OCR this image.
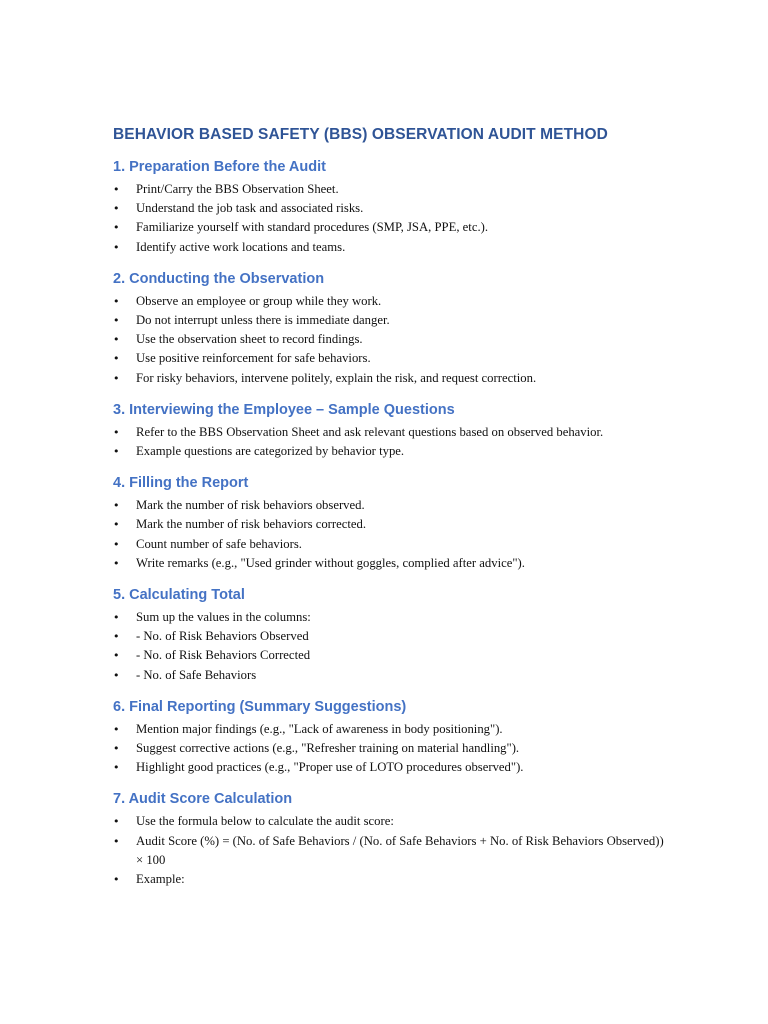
BEHAVIOR BASED SAFETY (BBS) OBSERVATION AUDIT METHOD
1. Preparation Before the Audit
• Print/Carry the BBS Observation Sheet.
• Understand the job task and associated risks.
• Familiarize yourself with standard procedures (SMP, JSA, PPE, etc.).
• Identify active work locations and teams.
2. Conducting the Observation
• Observe an employee or group while they work.
• Do not interrupt unless there is immediate danger.
• Use the observation sheet to record findings.
• Use positive reinforcement for safe behaviors.
• For risky behaviors, intervene politely, explain the risk, and request correction.
3. Interviewing the Employee – Sample Questions
• Refer to the BBS Observation Sheet and ask relevant questions based on observed behavior.
• Example questions are categorized by behavior type.
4. Filling the Report
• Mark the number of risk behaviors observed.
• Mark the number of risk behaviors corrected.
• Count number of safe behaviors.
• Write remarks (e.g., "Used grinder without goggles, complied after advice").
5. Calculating Total
• Sum up the values in the columns:
• - No. of Risk Behaviors Observed
• - No. of Risk Behaviors Corrected
• - No. of Safe Behaviors
6. Final Reporting (Summary Suggestions)
• Mention major findings (e.g., "Lack of awareness in body positioning").
• Suggest corrective actions (e.g., "Refresher training on material handling").
• Highlight good practices (e.g., "Proper use of LOTO procedures observed").
7. Audit Score Calculation
• Use the formula below to calculate the audit score:
• Audit Score (%) = (No. of Safe Behaviors / (No. of Safe Behaviors + No. of Risk Behaviors Observed)) × 100
• Example:
